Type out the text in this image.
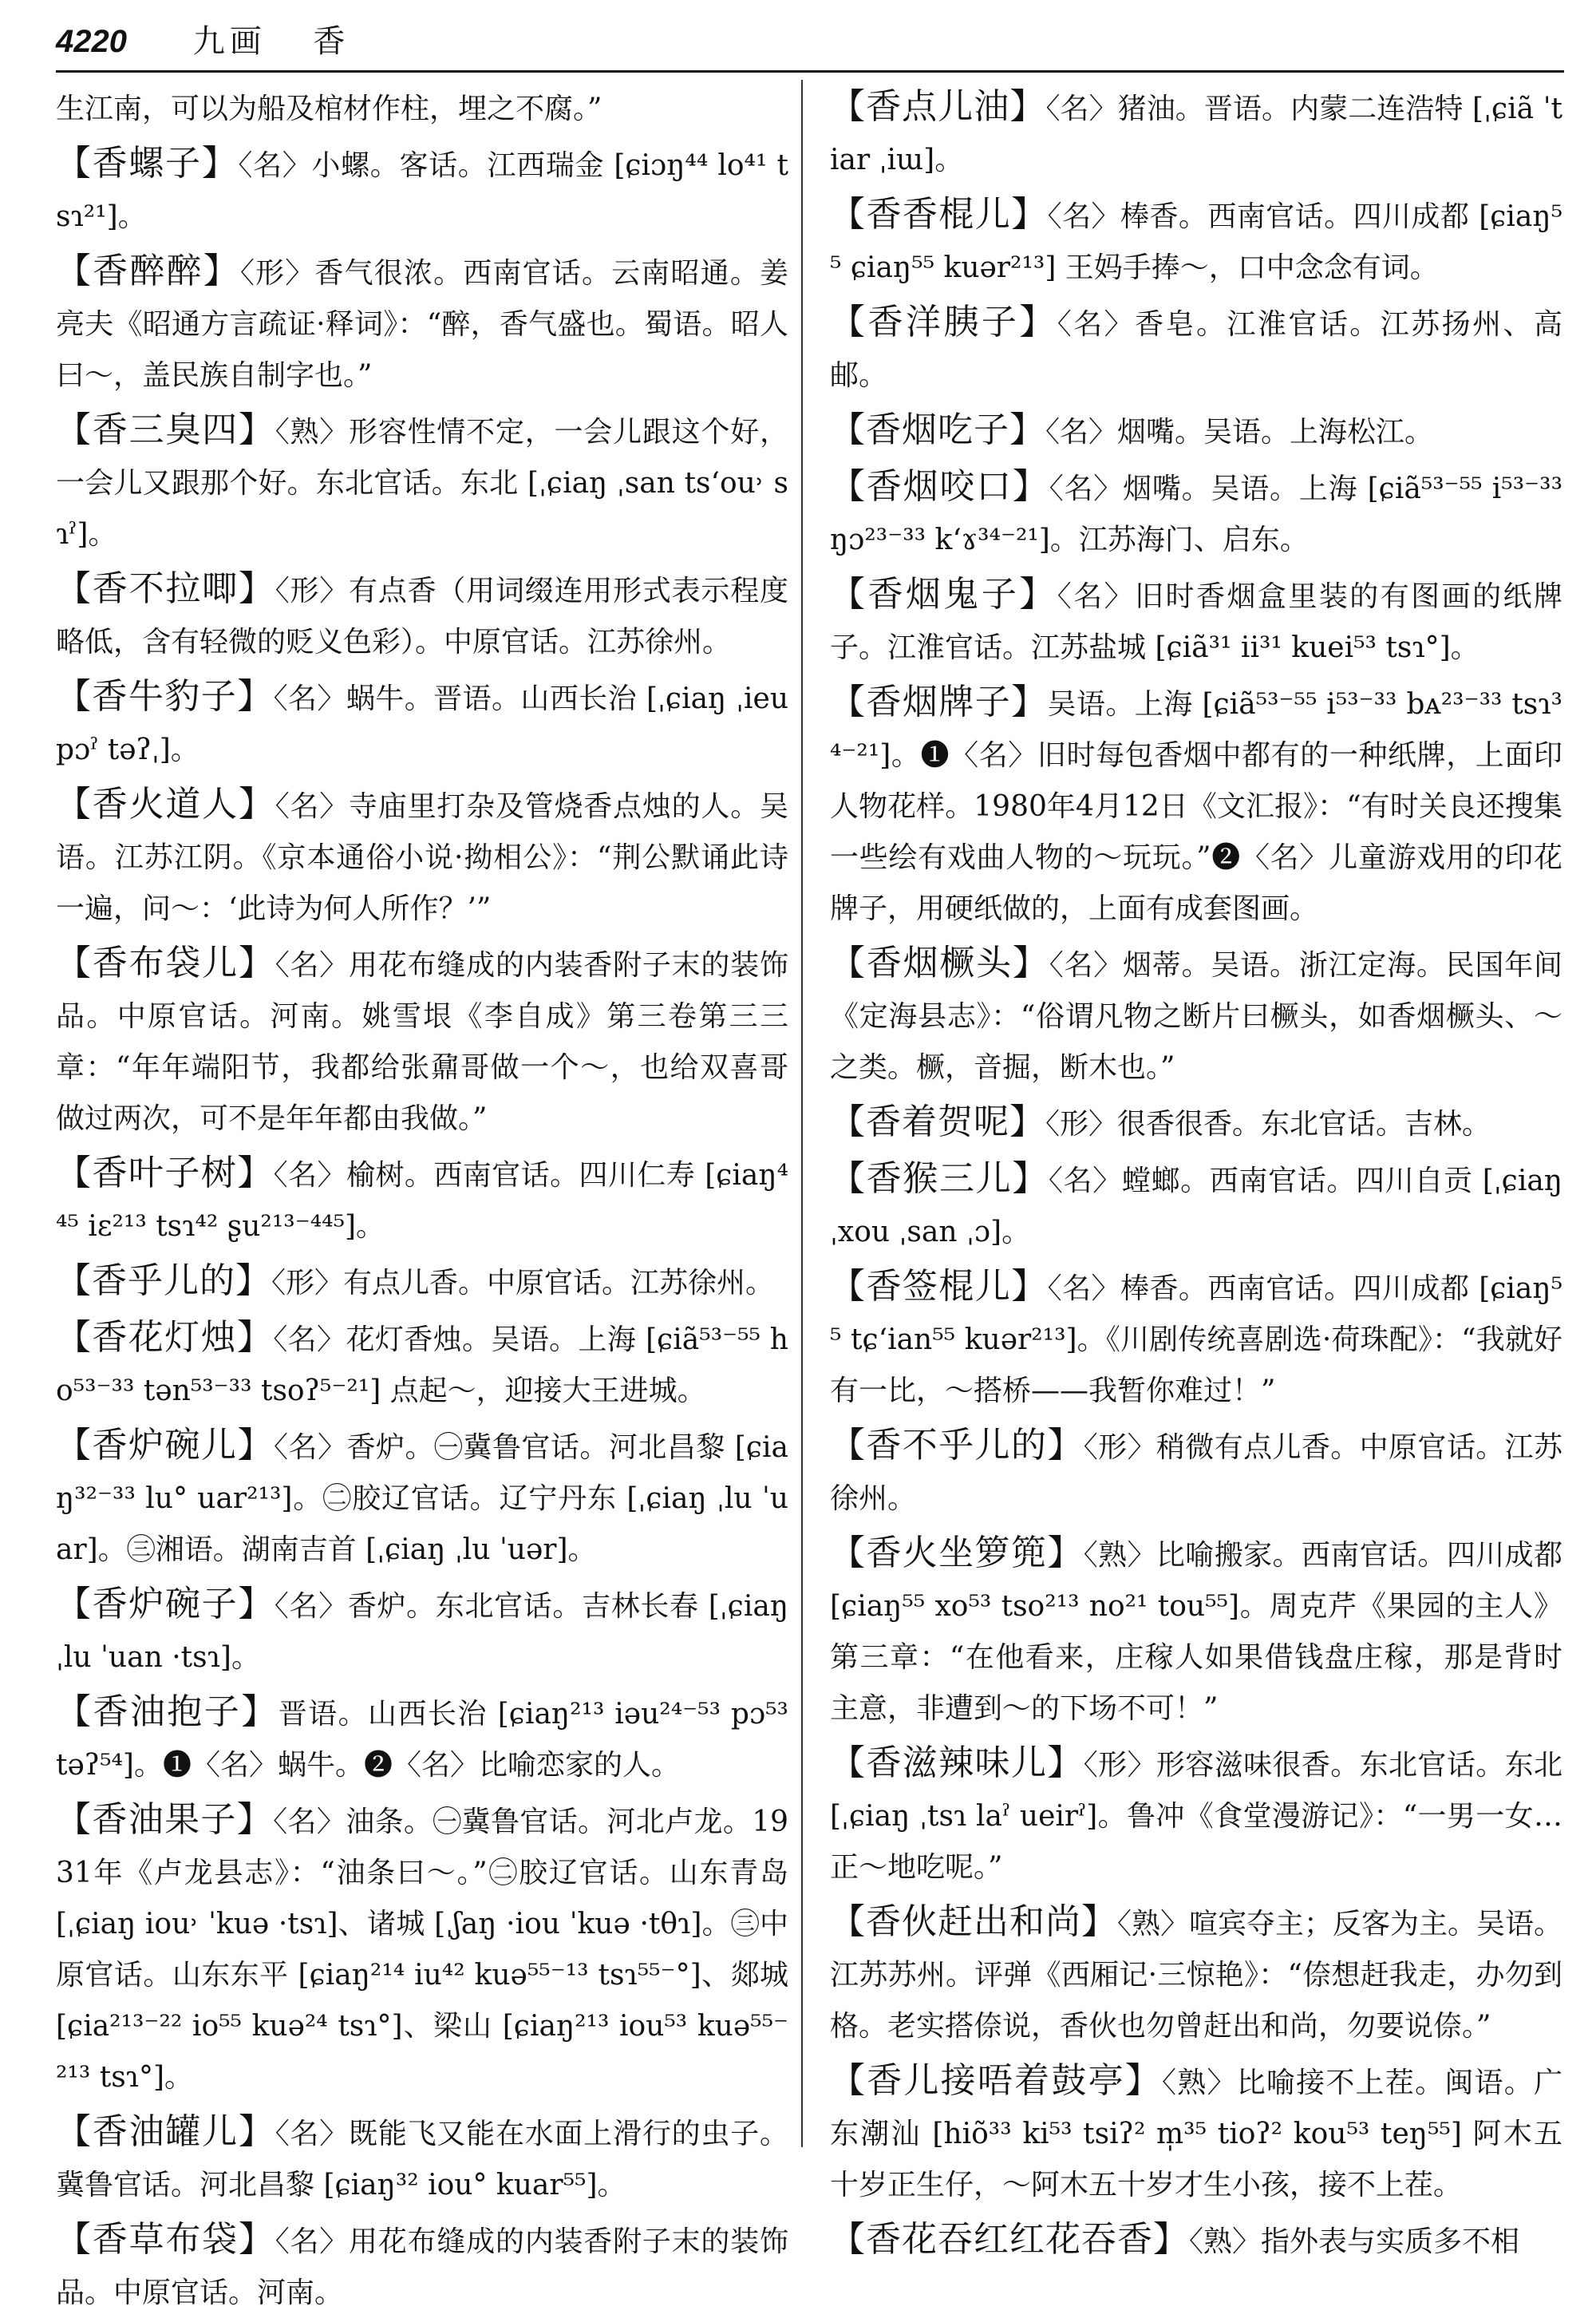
4220 九画 香

生江南，可以为船及棺材作柱，埋之不腐。”

【香螺子】〈名〉小螺。客话。江西瑞金 [ɕiɔŋ⁴⁴ lo⁴¹ tsɿ²¹]。

【香醉醉】〈形〉香气很浓。西南官话。云南昭通。姜亮夫《昭通方言疏证·释词》：“醉，香气盛也。蜀语。昭人曰～，盖民族自制字也。”

【香三臭四】〈熟〉形容性情不定，一会儿跟这个好，一会儿又跟那个好。东北官话。东北 [ˌɕiaŋ ˌsan tsʻou˒ sɿˀ]。

【香不拉唧】〈形〉有点香（用词缀连用形式表示程度略低，含有轻微的贬义色彩）。中原官话。江苏徐州。

【香牛豹子】〈名〉蜗牛。晋语。山西长治 [ˌɕiaŋ ˌieu pɔˀ təʔˌ]。

【香火道人】〈名〉寺庙里打杂及管烧香点烛的人。吴语。江苏江阴。《京本通俗小说·拗相公》：“荆公默诵此诗一遍，问～：‘此诗为何人所作？’”

【香布袋儿】〈名〉用花布缝成的内装香附子末的装饰品。中原官话。河南。姚雪垠《李自成》第三卷第三三章：“年年端阳节，我都给张鼐哥做一个～，也给双喜哥做过两次，可不是年年都由我做。”

【香叶子树】〈名〉榆树。西南官话。四川仁寿 [ɕiaŋ⁴⁴⁵ iɛ²¹³ tsɿ⁴² ʂu²¹³⁻⁴⁴⁵]。

【香乎儿的】〈形〉有点儿香。中原官话。江苏徐州。

【香花灯烛】〈名〉花灯香烛。吴语。上海 [ɕiã⁵³⁻⁵⁵ ho⁵³⁻³³ tən⁵³⁻³³ tsoʔ⁵⁻²¹] 点起～，迎接大王进城。

【香炉碗儿】〈名〉香炉。㊀冀鲁官话。河北昌黎 [ɕiaŋ³²⁻³³ lu° uar²¹³]。㊁胶辽官话。辽宁丹东 [ˌɕiaŋ ˌlu ˈuar]。㊂湘语。湖南吉首 [ˌɕiaŋ ˌlu ˈuər]。

【香炉碗子】〈名〉香炉。东北官话。吉林长春 [ˌɕiaŋ ˌlu ˈuan ·tsɿ]。

【香油抱子】晋语。山西长治 [ɕiaŋ²¹³ iəu²⁴⁻⁵³ pɔ⁵³ təʔ⁵⁴]。❶〈名〉蜗牛。❷〈名〉比喻恋家的人。

【香油果子】〈名〉油条。㊀冀鲁官话。河北卢龙。1931年《卢龙县志》：“油条曰～。”㊁胶辽官话。山东青岛 [ˌɕiaŋ iou˒ ˈkuə ·tsɿ]、诸城 [ˌʃaŋ ·iou ˈkuə ·tθɿ]。㊂中原官话。山东东平 [ɕiaŋ²¹⁴ iu⁴² kuə⁵⁵⁻¹³ tsɿ⁵⁵⁻°]、郯城 [ɕia²¹³⁻²² io⁵⁵ kuə²⁴ tsɿ°]、梁山 [ɕiaŋ²¹³ iou⁵³ kuə⁵⁵⁻²¹³ tsɿ°]。

【香油罐儿】〈名〉既能飞又能在水面上滑行的虫子。冀鲁官话。河北昌黎 [ɕiaŋ³² iou° kuar⁵⁵]。

【香草布袋】〈名〉用花布缝成的内装香附子末的装饰品。中原官话。河南。

【香点儿油】〈名〉猪油。晋语。内蒙二连浩特 [ˌɕiã ˈtiar ˌiɯ]。

【香香棍儿】〈名〉棒香。西南官话。四川成都 [ɕiaŋ⁵⁵ ɕiaŋ⁵⁵ kuər²¹³] 王妈手捧～，口中念念有词。

【香洋胰子】〈名〉香皂。江淮官话。江苏扬州、高邮。

【香烟吃子】〈名〉烟嘴。吴语。上海松江。

【香烟咬口】〈名〉烟嘴。吴语。上海 [ɕiã⁵³⁻⁵⁵ i⁵³⁻³³ ŋɔ²³⁻³³ kʻɤ³⁴⁻²¹]。江苏海门、启东。

【香烟鬼子】〈名〉旧时香烟盒里装的有图画的纸牌子。江淮官话。江苏盐城 [ɕiã³¹ ii³¹ kuei⁵³ tsɿ°]。

【香烟牌子】吴语。上海 [ɕiã⁵³⁻⁵⁵ i⁵³⁻³³ bᴀ²³⁻³³ tsɿ³⁴⁻²¹]。❶〈名〉旧时每包香烟中都有的一种纸牌，上面印人物花样。1980年4月12日《文汇报》：“有时关良还搜集一些绘有戏曲人物的～玩玩。”❷〈名〉儿童游戏用的印花牌子，用硬纸做的，上面有成套图画。

【香烟橛头】〈名〉烟蒂。吴语。浙江定海。民国年间《定海县志》：“俗谓凡物之断片曰橛头，如香烟橛头、～之类。橛，音掘，断木也。”

【香着贺呢】〈形〉很香很香。东北官话。吉林。

【香猴三儿】〈名〉螳螂。西南官话。四川自贡 [ˌɕiaŋ ˌxou ˌsan ˌɔ]。

【香签棍儿】〈名〉棒香。西南官话。四川成都 [ɕiaŋ⁵⁵ tɕʻian⁵⁵ kuər²¹³]。《川剧传统喜剧选·荷珠配》：“我就好有一比，～搭桥——我暂你难过！”

【香不乎儿的】〈形〉稍微有点儿香。中原官话。江苏徐州。

【香火坐箩篼】〈熟〉比喻搬家。西南官话。四川成都 [ɕiaŋ⁵⁵ xo⁵³ tso²¹³ no²¹ tou⁵⁵]。周克芹《果园的主人》第三章：“在他看来，庄稼人如果借钱盘庄稼，那是背时主意，非遭到～的下场不可！”

【香滋辣味儿】〈形〉形容滋味很香。东北官话。东北 [ˌɕiaŋ ˌtsɿ laˀ ueirˀ]。鲁冲《食堂漫游记》：“一男一女…正～地吃呢。”

【香伙赶出和尚】〈熟〉喧宾夺主；反客为主。吴语。江苏苏州。评弹《西厢记·三惊艳》：“倷想赶我走，办勿到格。老实搭倷说，香伙也勿曾赶出和尚，勿要说倷。”

【香儿接唔着鼓亭】〈熟〉比喻接不上茬。闽语。广东潮汕 [hiõ³³ ki⁵³ tsiʔ² m̩³⁵ tioʔ² kou⁵³ teŋ⁵⁵] 阿木五十岁正生仔，～阿木五十岁才生小孩，接不上茬。

【香花吞红红花吞香】〈熟〉指外表与实质多不相
